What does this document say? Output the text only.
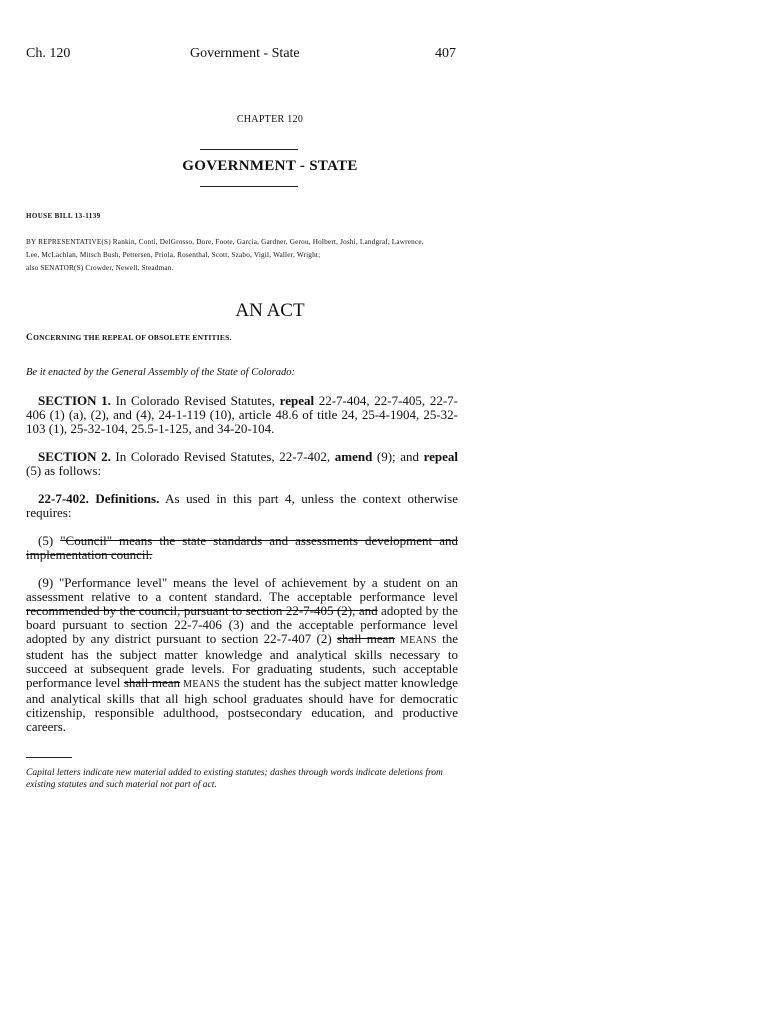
Ch. 120	Government - State	407
CHAPTER 120
GOVERNMENT - STATE
HOUSE BILL 13-1139
BY REPRESENTATIVE(S) Rankin, Conti, DelGrosso, Dore, Foote, Garcia, Gardner, Gerou, Holbert, Joshi, Landgraf, Lawrence,
Lee, McLachlan, Mitsch Bush, Pettersen, Priola, Rosenthal, Scott, Szabo, Vigil, Waller, Wright;
also SENATOR(S) Crowder, Newell, Steadman.
AN ACT
CONCERNING THE REPEAL OF OBSOLETE ENTITIES.
Be it enacted by the General Assembly of the State of Colorado:
SECTION 1. In Colorado Revised Statutes, repeal 22-7-404, 22-7-405, 22-7-406 (1) (a), (2), and (4), 24-1-119 (10), article 48.6 of title 24, 25-4-1904, 25-32-103 (1), 25-32-104, 25.5-1-125, and 34-20-104.
SECTION 2. In Colorado Revised Statutes, 22-7-402, amend (9); and repeal (5) as follows:
22-7-402. Definitions. As used in this part 4, unless the context otherwise requires:
(5) "Council" means the state standards and assessments development and implementation council.
(9) "Performance level" means the level of achievement by a student on an assessment relative to a content standard. The acceptable performance level recommended by the council, pursuant to section 22-7-405 (2), and adopted by the board pursuant to section 22-7-406 (3) and the acceptable performance level adopted by any district pursuant to section 22-7-407 (2) shall mean MEANS the student has the subject matter knowledge and analytical skills necessary to succeed at subsequent grade levels. For graduating students, such acceptable performance level shall mean MEANS the student has the subject matter knowledge and analytical skills that all high school graduates should have for democratic citizenship, responsible adulthood, postsecondary education, and productive careers.
Capital letters indicate new material added to existing statutes; dashes through words indicate deletions from existing statutes and such material not part of act.
